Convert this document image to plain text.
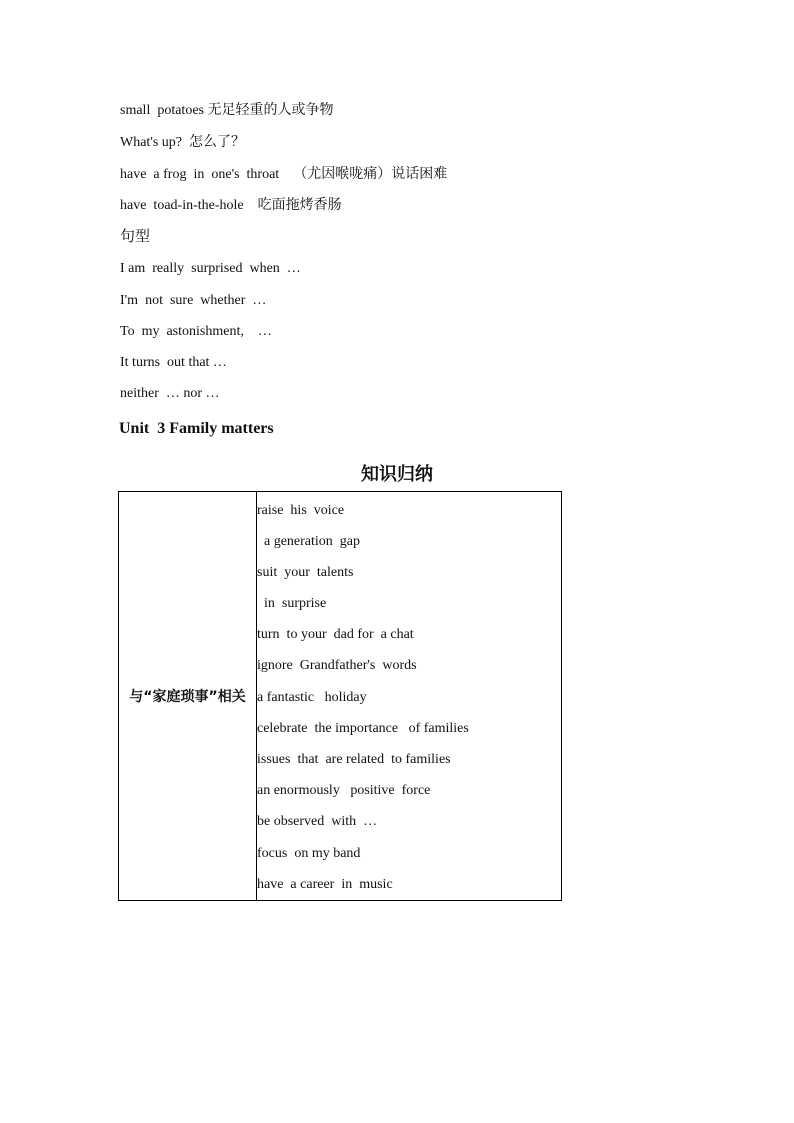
small  potatoes 无足轻重的人或争物
What's up?  怎么了？
have  a frog  in  one's  throat    （尤因喉咙痛）说话困难
have  toad-in-the-hole    吃面拖烤香肠
句型
I am  really  surprised  when  …
I'm  not  sure  whether  …
To  my  astonishment,    …
It turns  out that …
neither  … nor …
Unit  3 Family matters
知识归纳
与“家庭琐事”相关
raise  his  voice
a generation  gap
suit  your  talents
in  surprise
turn  to your  dad for  a chat
ignore  Grandfather's  words
a fantastic   holiday
celebrate  the importance   of families
issues  that  are related  to families
an enormously   positive  force
be observed  with  …
focus  on my band
have  a career  in  music
